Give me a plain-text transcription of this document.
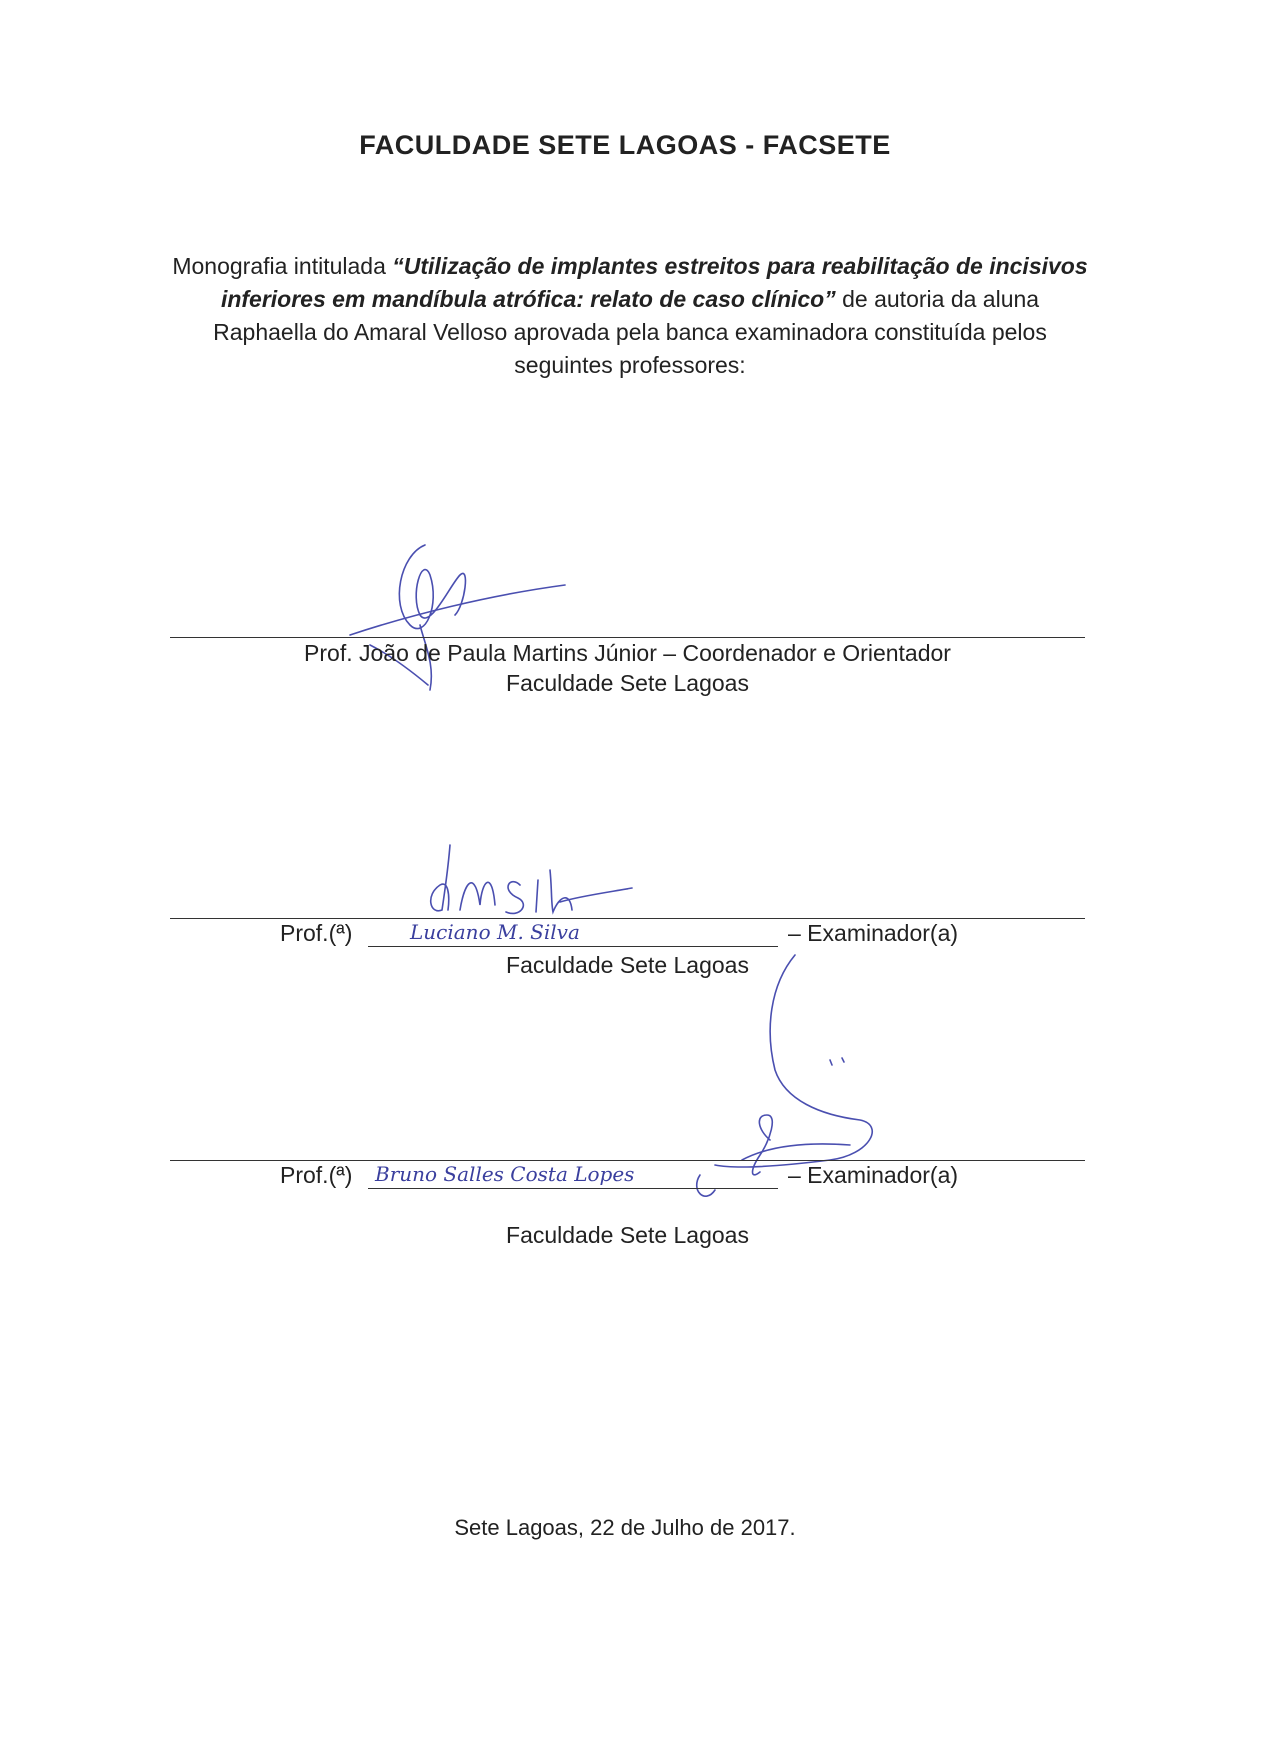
FACULDADE SETE LAGOAS - FACSETE
Monografia intitulada “Utilização de implantes estreitos para reabilitação de incisivos inferiores em mandíbula atrófica: relato de caso clínico” de autoria da aluna Raphaella do Amaral Velloso aprovada pela banca examinadora constituída pelos seguintes professores:
Prof. João de Paula Martins Júnior – Coordenador e Orientador
Faculdade Sete Lagoas
Prof.(ª)	Luciano M. Silva	– Examinador(a)
Faculdade Sete Lagoas
Prof.(ª) Bruno Salles Costa Lopes	– Examinador(a)
Faculdade Sete Lagoas
Sete Lagoas, 22 de Julho de 2017.
